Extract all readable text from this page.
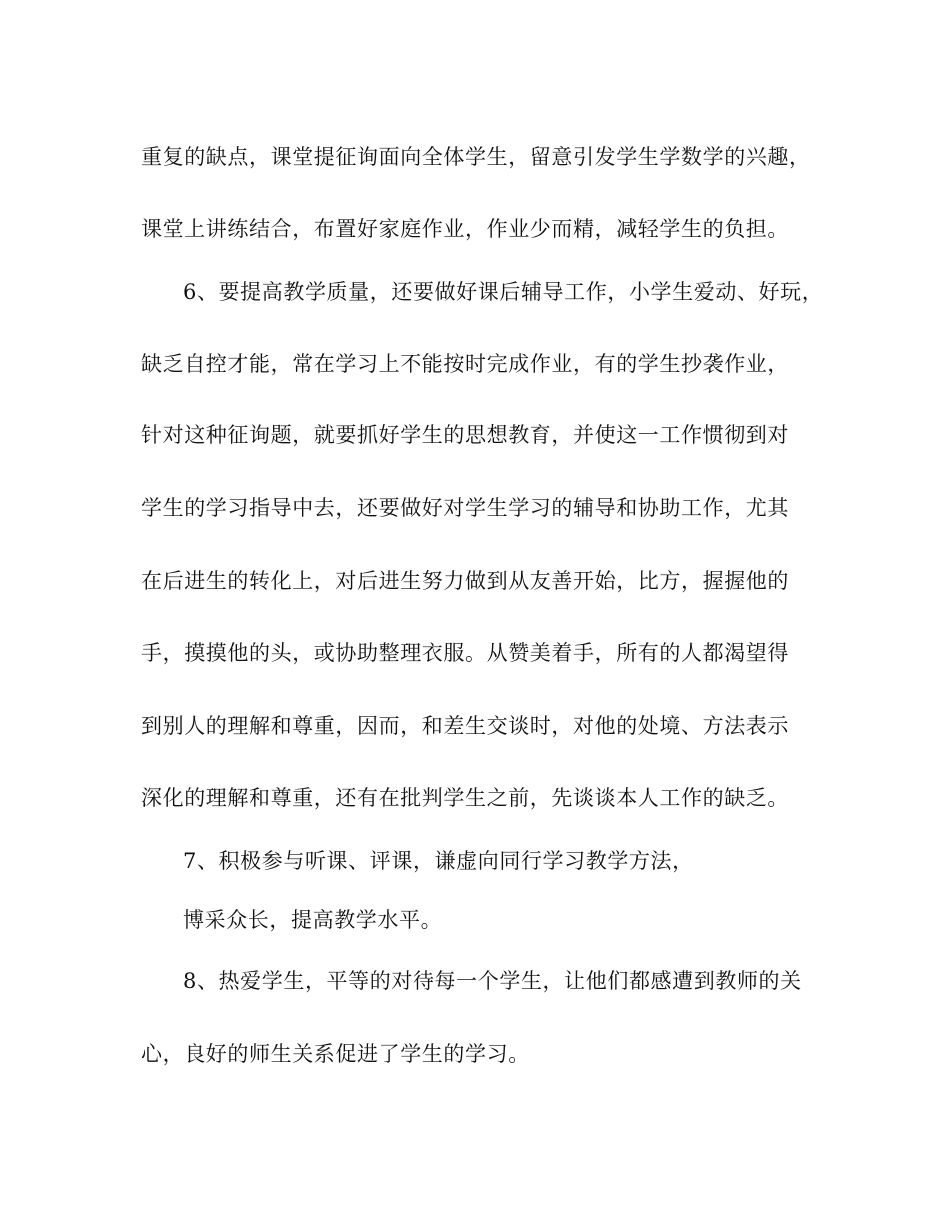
重复的缺点，课堂提征询面向全体学生，留意引发学生学数学的兴趣，
课堂上讲练结合，布置好家庭作业，作业少而精，减轻学生的负担。
6、要提高教学质量，还要做好课后辅导工作，小学生爱动、好玩，
缺乏自控才能，常在学习上不能按时完成作业，有的学生抄袭作业，
针对这种征询题，就要抓好学生的思想教育，并使这一工作惯彻到对
学生的学习指导中去，还要做好对学生学习的辅导和协助工作，尤其
在后进生的转化上，对后进生努力做到从友善开始，比方，握握他的
手，摸摸他的头，或协助整理衣服。从赞美着手，所有的人都渴望得
到别人的理解和尊重，因而，和差生交谈时，对他的处境、方法表示
深化的理解和尊重，还有在批判学生之前，先谈谈本人工作的缺乏。
7、积极参与听课、评课，谦虚向同行学习教学方法，
博采众长，提高教学水平。
8、热爱学生，平等的对待每一个学生，让他们都感遭到教师的关
心，良好的师生关系促进了学生的学习。
